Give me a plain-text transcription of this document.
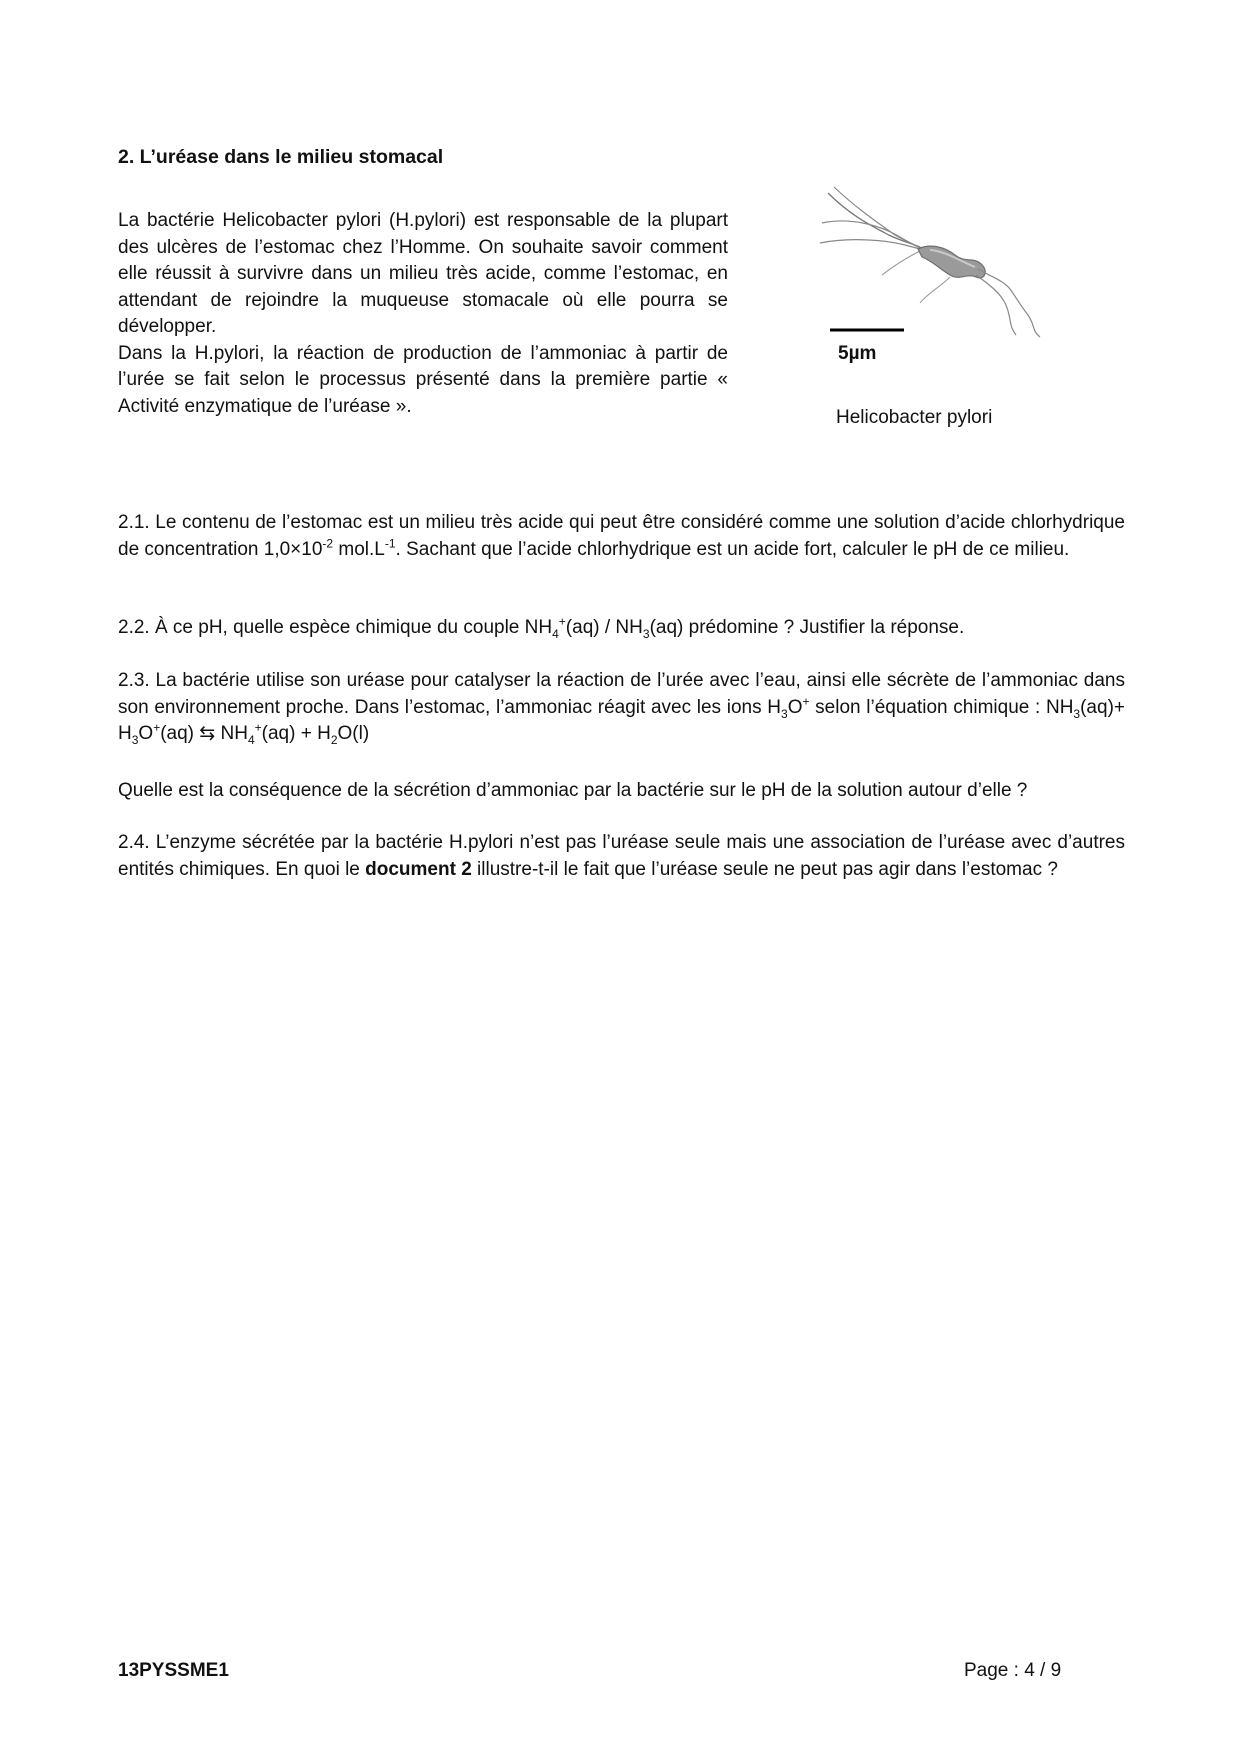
2. L’uréase dans le milieu stomacal

La bactérie Helicobacter pylori (H.pylori) est responsable de la plupart des ulcères de l’estomac chez l’Homme. On souhaite savoir comment elle réussit à survivre dans un milieu très acide, comme l’estomac, en attendant de rejoindre la muqueuse stomacale où elle pourra se développer.

Dans la H.pylori, la réaction de production de l’ammoniac à partir de l’urée se fait selon le processus présenté dans la première partie « Activité enzymatique de l’uréase ».

5µm
Helicobacter pylori

2.1. Le contenu de l’estomac est un milieu très acide qui peut être considéré comme une solution d’acide chlorhydrique de concentration $1,0\times 10^{-2}$ $mol.L^{-1}$. Sachant que l’acide chlorhydrique est un acide fort, calculer le pH de ce milieu.

2.2. À ce pH, quelle espèce chimique du couple $NH_4^+(aq) / NH_3(aq)$ prédomine ? Justifier la réponse.

2.3. La bactérie utilise son uréase pour catalyser la réaction de l’urée avec l’eau, ainsi elle sécrète de l’ammoniac dans son environnement proche. Dans l’estomac, l’ammoniac réagit avec les ions $H_3O^+$ selon l’équation chimique : $NH_3(aq)+ H_3O^+(aq)$ ⇆ $NH_4^+(aq) + H_2O(l)$

Quelle est la conséquence de la sécrétion d’ammoniac par la bactérie sur le pH de la solution autour d’elle ?

2.4. L’enzyme sécrétée par la bactérie H.pylori n’est pas l’uréase seule mais une association de l’uréase avec d’autres entités chimiques. En quoi le document 2 illustre-t-il le fait que l’uréase seule ne peut pas agir dans l’estomac ?

13PYSSME1	Page : 4 / 9
